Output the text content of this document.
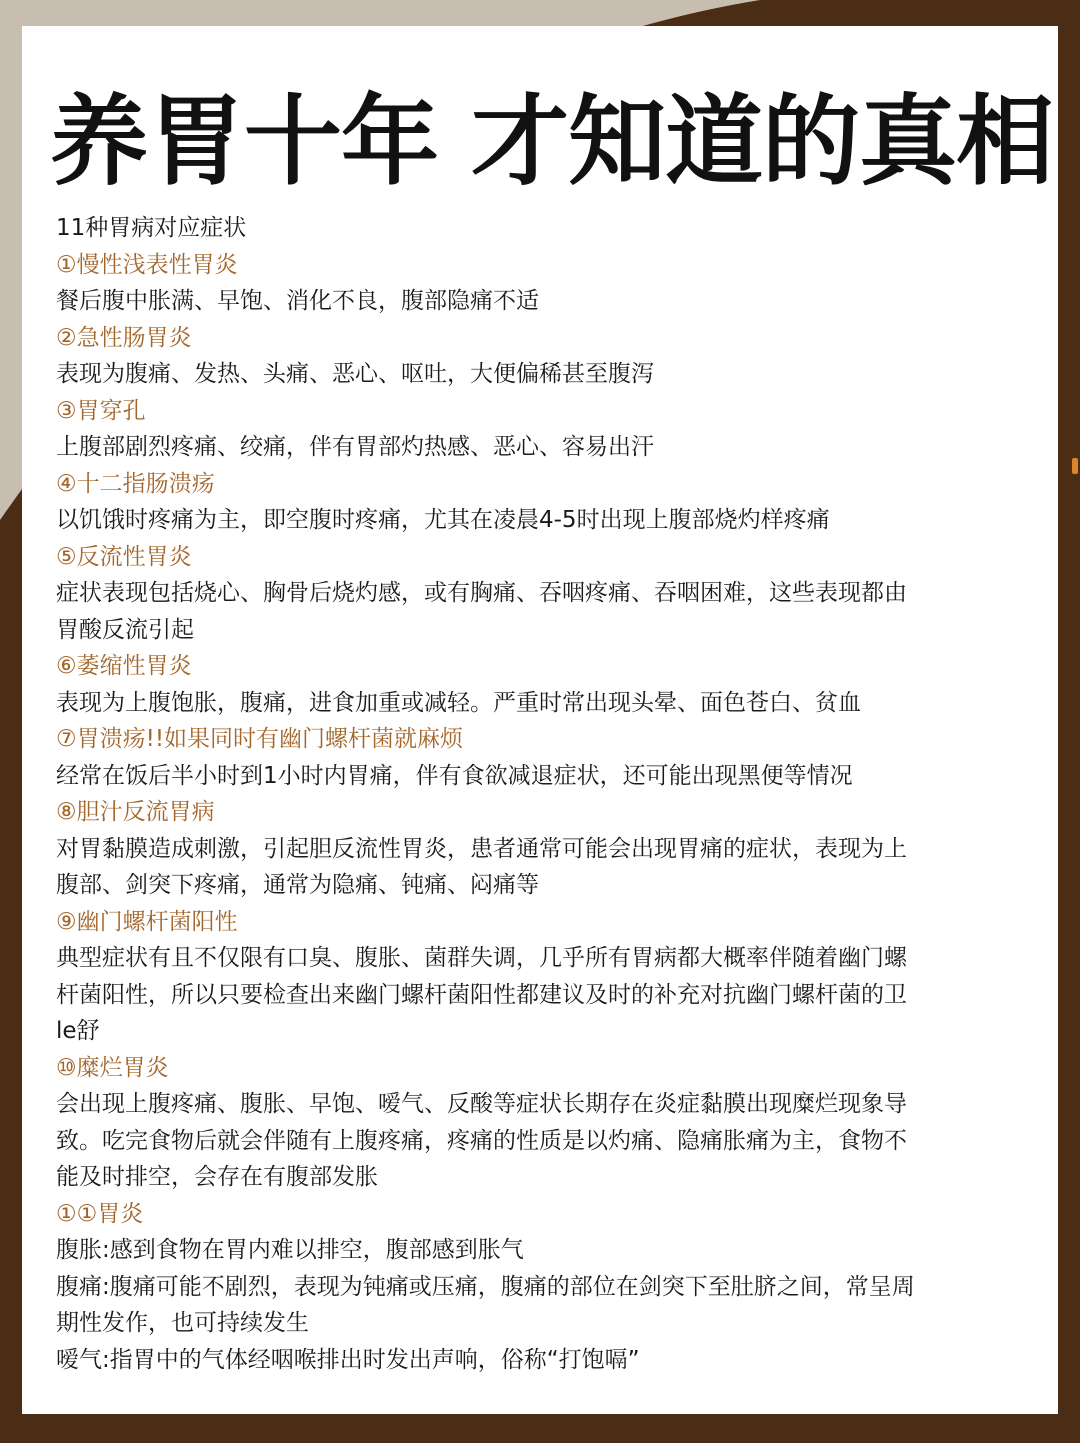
养胃十年 才知道的真相

11种胃病对应症状

①慢性浅表性胃炎

餐后腹中胀满、早饱、消化不良，腹部隐痛不适

②急性肠胃炎

表现为腹痛、发热、头痛、恶心、呕吐，大便偏稀甚至腹泻

③胃穿孔

上腹部剧烈疼痛、绞痛，伴有胃部灼热感、恶心、容易出汗

④十二指肠溃疡

以饥饿时疼痛为主，即空腹时疼痛，尤其在凌晨4-5时出现上腹部烧灼样疼痛

⑤反流性胃炎

症状表现包括烧心、胸骨后烧灼感，或有胸痛、吞咽疼痛、吞咽困难，这些表现都由

胃酸反流引起

⑥萎缩性胃炎

表现为上腹饱胀，腹痛，进食加重或减轻。严重时常出现头晕、面色苍白、贫血

⑦胃溃疡!!如果同时有幽门螺杆菌就麻烦

经常在饭后半小时到1小时内胃痛，伴有食欲减退症状，还可能出现黑便等情况

⑧胆汁反流胃病

对胃黏膜造成刺激，引起胆反流性胃炎，患者通常可能会出现胃痛的症状，表现为上

腹部、剑突下疼痛，通常为隐痛、钝痛、闷痛等

⑨幽门螺杆菌阳性

典型症状有且不仅限有口臭、腹胀、菌群失调，几乎所有胃病都大概率伴随着幽门螺

杆菌阳性，所以只要检查出来幽门螺杆菌阳性都建议及时的补充对抗幽门螺杆菌的卫

le舒

⑩糜烂胃炎

会出现上腹疼痛、腹胀、早饱、嗳气、反酸等症状长期存在炎症黏膜出现糜烂现象导

致。吃完食物后就会伴随有上腹疼痛，疼痛的性质是以灼痛、隐痛胀痛为主，食物不

能及时排空，会存在有腹部发胀

①①胃炎

腹胀:感到食物在胃内难以排空，腹部感到胀气

腹痛:腹痛可能不剧烈，表现为钝痛或压痛，腹痛的部位在剑突下至肚脐之间，常呈周

期性发作，也可持续发生

嗳气:指胃中的气体经咽喉排出时发出声响，俗称“打饱嗝”
